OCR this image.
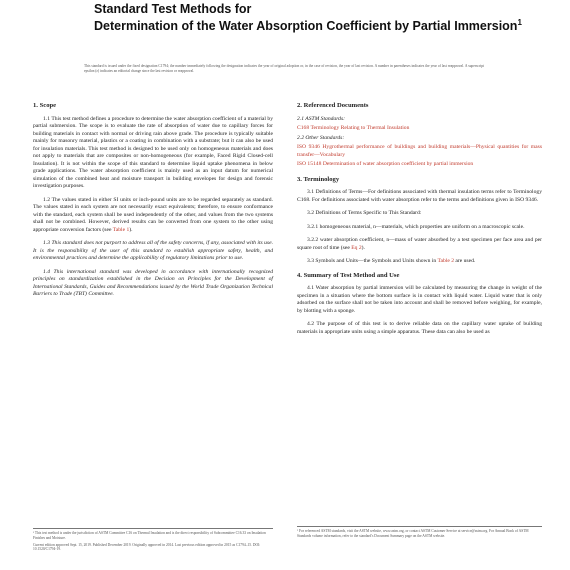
Standard Test Methods for
Determination of the Water Absorption Coefficient by Partial Immersion$^1$
This standard is issued under the fixed designation C1794; the number immediately following the designation indicates the year of original adoption or, in the case of revision, the year of last revision. A number in parentheses indicates the year of last reapproval. A superscript epsilon (ε) indicates an editorial change since the last revision or reapproval.
1. Scope

1.1 This test method defines a procedure to determine the water absorption coefficient of a material by partial submersion. The scope is to evaluate the rate of absorption of water due to capillary forces for building materials in contact with normal or driving rain above grade. The procedure is typically suitable mainly for masonry material, plastics or a coating in combination with a substrate; but it can also be used for insulation materials. This test method is designed to be used only on homogeneous materials and does not apply to materials that are composites or non-homogeneous (for example, Faced Rigid Closed-cell Insulation). It is not within the scope of this standard to determine liquid uptake phenomena in below grade applications. The water absorption coefficient is mainly used as an input datum for numerical simulation of the combined heat and moisture transport in building envelopes for design and forensic investigation purposes.

1.2 The values stated in either SI units or inch-pound units are to be regarded separately as standard. The values stated in each system are not necessarily exact equivalents; therefore, to ensure conformance with the standard, each system shall be used independently of the other, and values from the two systems shall not be combined. However, derived results can be converted from one system to the other using appropriate conversion factors (see Table 1).

1.3 This standard does not purport to address all of the safety concerns, if any, associated with its use. It is the responsibility of the user of this standard to establish appropriate safety, health, and environmental practices and determine the applicability of regulatory limitations prior to use.

1.4 This international standard was developed in accordance with internationally recognized principles on standardization established in the Decision on Principles for the Development of International Standards, Guides and Recommendations issued by the World Trade Organization Technical Barriers to Trade (TBT) Committee.

2. Referenced Documents

2.1 ASTM Standards:

C168 Terminology Relating to Thermal Insulation

2.2 Other Standards:

ISO 9346 Hygrothermal performance of buildings and building materials—Physical quantities for mass transfer—Vocabulary

ISO 15148 Determination of water absorption coefficient by partial immersion

3. Terminology

3.1 Definitions of Terms—For definitions associated with thermal insulation terms refer to Terminology C168. For definitions associated with water absorption refer to the terms and definitions given in ISO 9346.

3.2 Definitions of Terms Specific to This Standard:

3.2.1 homogeneous material, n—materials, which properties are uniform on a macroscopic scale.

3.2.2 water absorption coefficient, n—mass of water absorbed by a test specimen per face area and per square root of time (see Eq 2).

3.3 Symbols and Units—the Symbols and Units shown in Table 2 are used.

4. Summary of Test Method and Use

4.1 Water absorption by partial immersion will be calculated by measuring the change in weight of the specimen in a situation where the bottom surface is in contact with liquid water. Liquid water that is only adsorbed on the surface shall not be taken into account and shall be removed before weighing, for example, by blotting with a sponge.

4.2 The purpose of of this test is to derive reliable data on the capillary water uptake of building materials in appropriate units using a simple apparatus. These data can also be used as

¹ This test method is under the jurisdiction of ASTM Committee C16 on Thermal Insulation and is the direct responsibility of Subcommittee C16.33 on Insulation Finishes and Moisture.

Current edition approved Sept. 15, 2019. Published December 2019. Originally approved in 2014. Last previous edition approved in 2015 as C1794–15. DOI: 10.1520/C1794-19.

² For referenced ASTM standards, visit the ASTM website, www.astm.org, or contact ASTM Customer Service at service@astm.org. For Annual Book of ASTM Standards volume information, refer to the standard's Document Summary page on the ASTM website.
